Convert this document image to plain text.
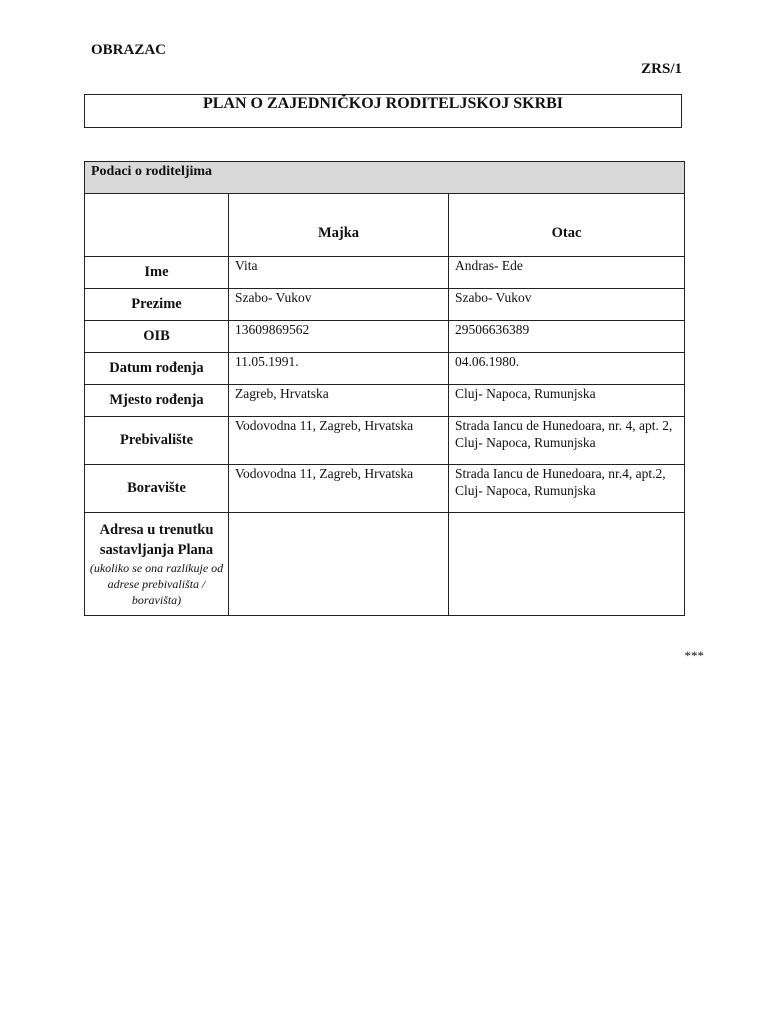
OBRAZAC
ZRS/1
PLAN O ZAJEDNIČKOJ RODITELJSKOJ SKRBI
Podaci o roditeljima		

	Majka	Otac

Ime	Vita	Andras- Ede
Prezime	Szabo- Vukov	Szabo- Vukov
OIB	13609869562	29506636389
Datum rođenja	11.05.1991.	04.06.1980.
Mjesto rođenja	Zagreb, Hrvatska	Cluj- Napoca, Rumunjska
Prebivalište	Vodovodna 11, Zagreb, Hrvatska	Strada Iancu de Hunedoara, nr. 4, apt. 2, Cluj- Napoca, Rumunjska
Boravište	Vodovodna 11, Zagreb, Hrvatska	Strada Iancu de Hunedoara, nr.4, apt.2, Cluj- Napoca, Rumunjska

Adresa u trenutku sastavljanja Plana
(ukoliko se ona razlikuje od adrese prebivališta / boravišta)		

***
